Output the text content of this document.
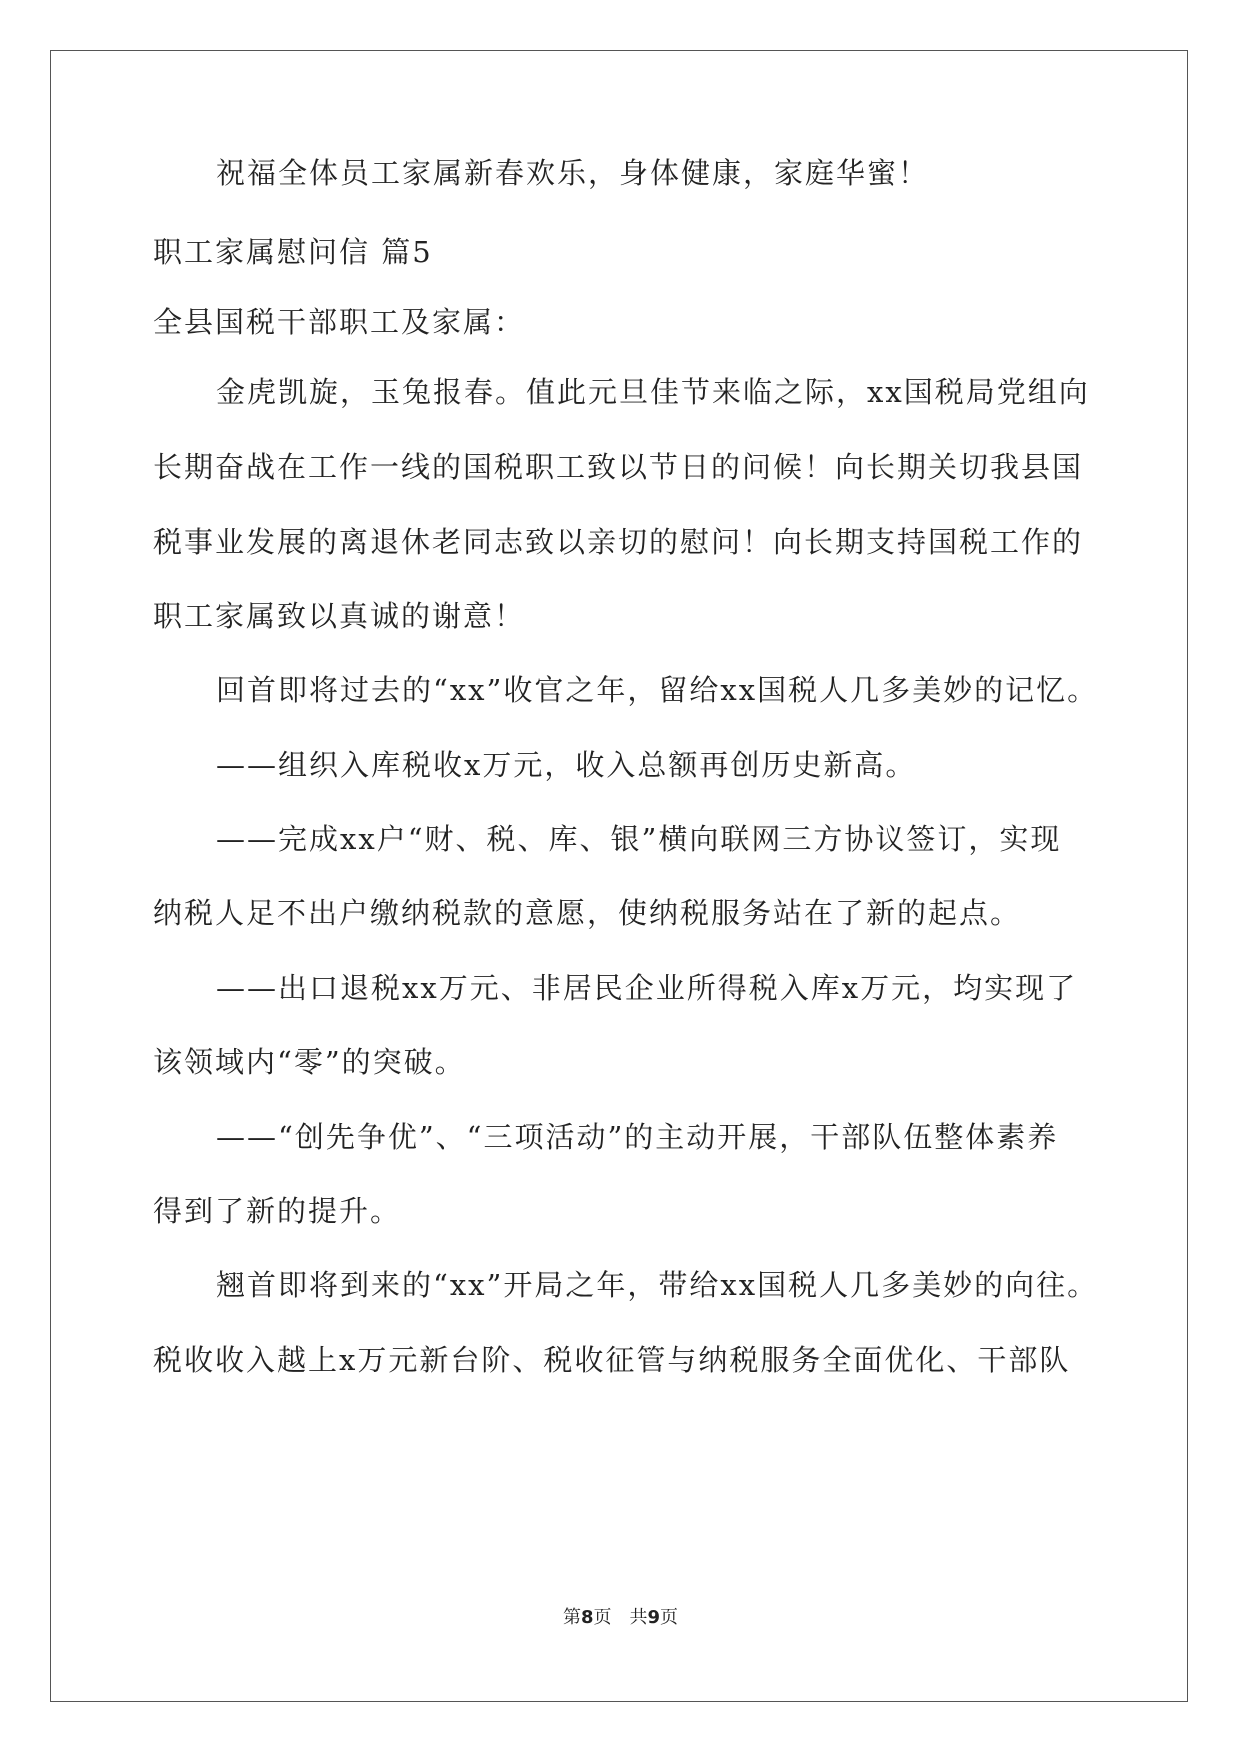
祝福全体员工家属新春欢乐，身体健康，家庭华蜜！
职工家属慰问信 篇5
全县国税干部职工及家属：
金虎凯旋，玉兔报春。值此元旦佳节来临之际，xx国税局党组向
长期奋战在工作一线的国税职工致以节日的问候！向长期关切我县国
税事业发展的离退休老同志致以亲切的慰问！向长期支持国税工作的
职工家属致以真诚的谢意！
回首即将过去的“xx”收官之年，留给xx国税人几多美妙的记忆。
——组织入库税收x万元，收入总额再创历史新高。
——完成xx户“财、税、库、银”横向联网三方协议签订，实现
纳税人足不出户缴纳税款的意愿，使纳税服务站在了新的起点。
——出口退税xx万元、非居民企业所得税入库x万元，均实现了
该领域内“零”的突破。
——“创先争优”、“三项活动”的主动开展，干部队伍整体素养
得到了新的提升。
翘首即将到来的“xx”开局之年，带给xx国税人几多美妙的向往。
税收收入越上x万元新台阶、税收征管与纳税服务全面优化、干部队
第8页　共9页
